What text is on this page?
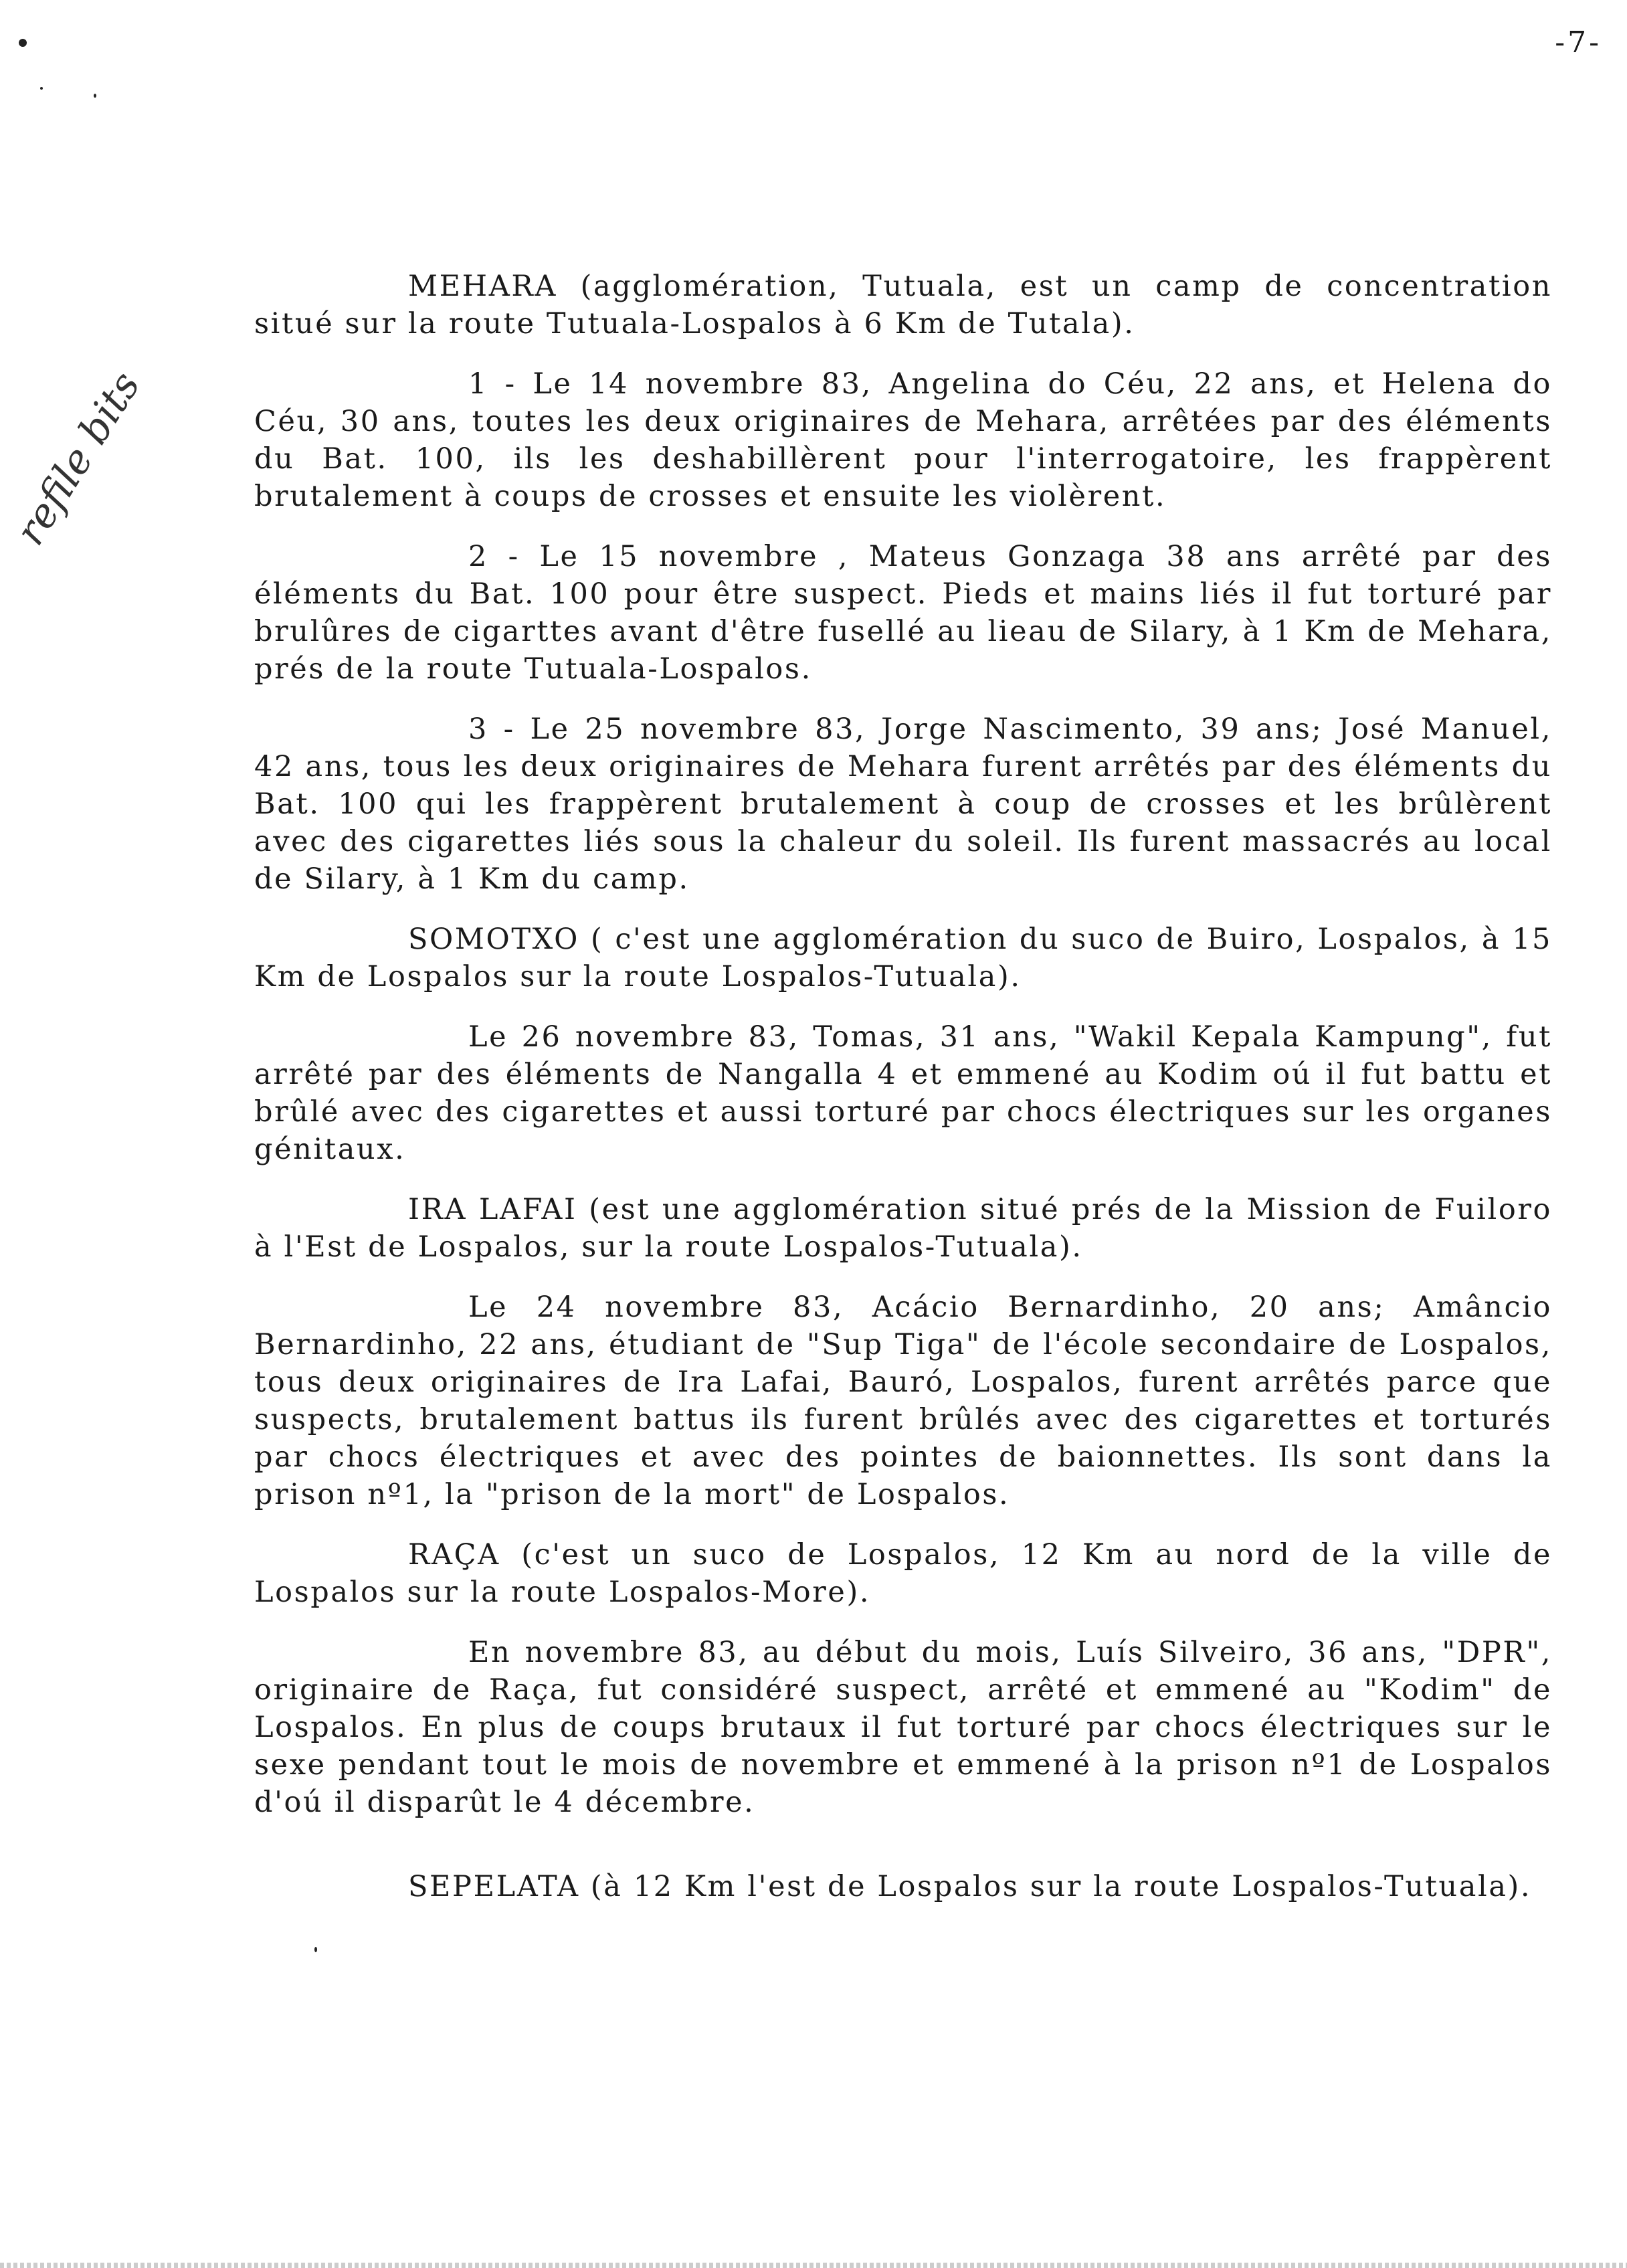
-7-
refile bits

MEHARA (agglomération, Tutuala, est un camp de concentration situé sur la route Tutuala-Lospalos à 6 Km de Tutala).

1 - Le 14 novembre 83, Angelina do Céu, 22 ans, et Helena do Céu, 30 ans, toutes les deux originaires de Mehara, arrêtées par des éléments du Bat. 100, ils les deshabillèrent pour l'interrogatoire, les frappèrent brutalement à coups de crosses et ensuite les violèrent.

2 - Le 15 novembre , Mateus Gonzaga 38 ans arrêté par des éléments du Bat. 100 pour être suspect. Pieds et mains liés il fut torturé par brulûres de cigarttes avant d'être fusellé au lieau de Silary, à 1 Km de Mehara, prés de la route Tutuala-Lospalos.

3 - Le 25 novembre 83, Jorge Nascimento, 39 ans; José Manuel, 42 ans, tous les deux originaires de Mehara furent arrêtés par des éléments du Bat. 100 qui les frappèrent brutalement à coup de crosses et les brûlèrent avec des cigarettes liés sous la chaleur du soleil. Ils furent massacrés au local de Silary, à 1 Km du camp.

SOMOTXO ( c'est une agglomération du suco de Buiro, Lospalos, à 15 Km de Lospalos sur la route Lospalos-Tutuala).

Le 26 novembre 83, Tomas, 31 ans, "Wakil Kepala Kampung", fut arrêté par des éléments de Nangalla 4 et emmené au Kodim oú il fut battu et brûlé avec des cigarettes et aussi torturé par chocs électriques sur les organes génitaux.

IRA LAFAI (est une agglomération situé prés de la Mission de Fuiloro à l'Est de Lospalos, sur la route Lospalos-Tutuala).

Le 24 novembre 83, Acácio Bernardinho, 20 ans; Amâncio Bernardinho, 22 ans, étudiant de "Sup Tiga" de l'école secondaire de Lospalos, tous deux originaires de Ira Lafai, Bauró, Lospalos, furent arrêtés parce que suspects, brutalement battus ils furent brûlés avec des cigarettes et torturés par chocs électriques et avec des pointes de baionnettes. Ils sont dans la prison nº1, la "prison de la mort" de Lospalos.

RAÇA (c'est un suco de Lospalos, 12 Km au nord de la ville de Lospalos sur la route Lospalos-More).

En novembre 83, au début du mois, Luís Silveiro, 36 ans, "DPR", originaire de Raça, fut considéré suspect, arrêté et emmené au "Kodim" de Lospalos. En plus de coups brutaux il fut torturé par chocs électriques sur le sexe pendant tout le mois de novembre et emmené à la prison nº1 de Lospalos d'oú il disparût le 4 décembre.

SEPELATA (à 12 Km l'est de Lospalos sur la route Lospalos-Tutuala).
